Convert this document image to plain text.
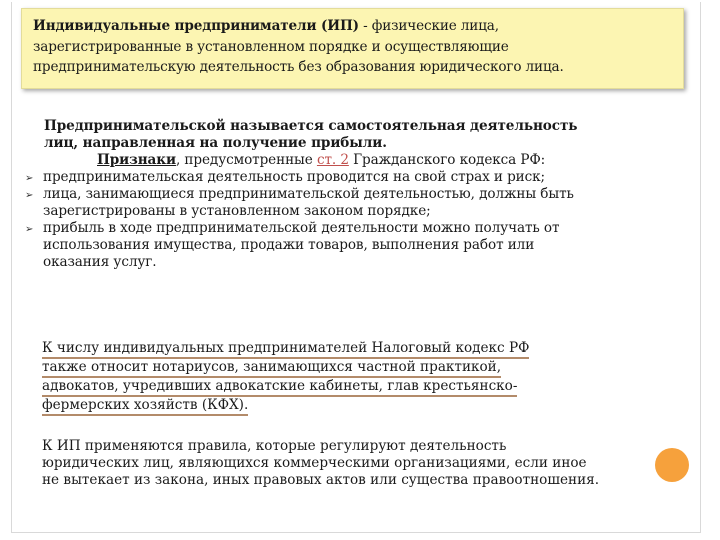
Индивидуальные предприниматели (ИП) - физические лица,
зарегистрированные в установленном порядке и осуществляющие
предпринимательскую деятельность без образования юридического лица.
Предпринимательской называется самостоятельная деятельность
лиц, направленная на получение прибыли.
Признаки, предусмотренные ст. 2 Гражданского кодекса РФ:
➢ предпринимательская деятельность проводится на свой страх и риск;
➢ лица, занимающиеся предпринимательской деятельностью, должны быть
зарегистрированы в установленном законом порядке;
➢ прибыль в ходе предпринимательской деятельности можно получать от
использования имущества, продажи товаров, выполнения работ или
оказания услуг.
К числу индивидуальных предпринимателей Налоговый кодекс РФ
также относит нотариусов, занимающихся частной практикой,
адвокатов, учредивших адвокатские кабинеты, глав крестьянско-
фермерских хозяйств (КФХ).
К ИП применяются правила, которые регулируют деятельность
юридических лиц, являющихся коммерческими организациями, если иное
не вытекает из закона, иных правовых актов или существа правоотношения.
